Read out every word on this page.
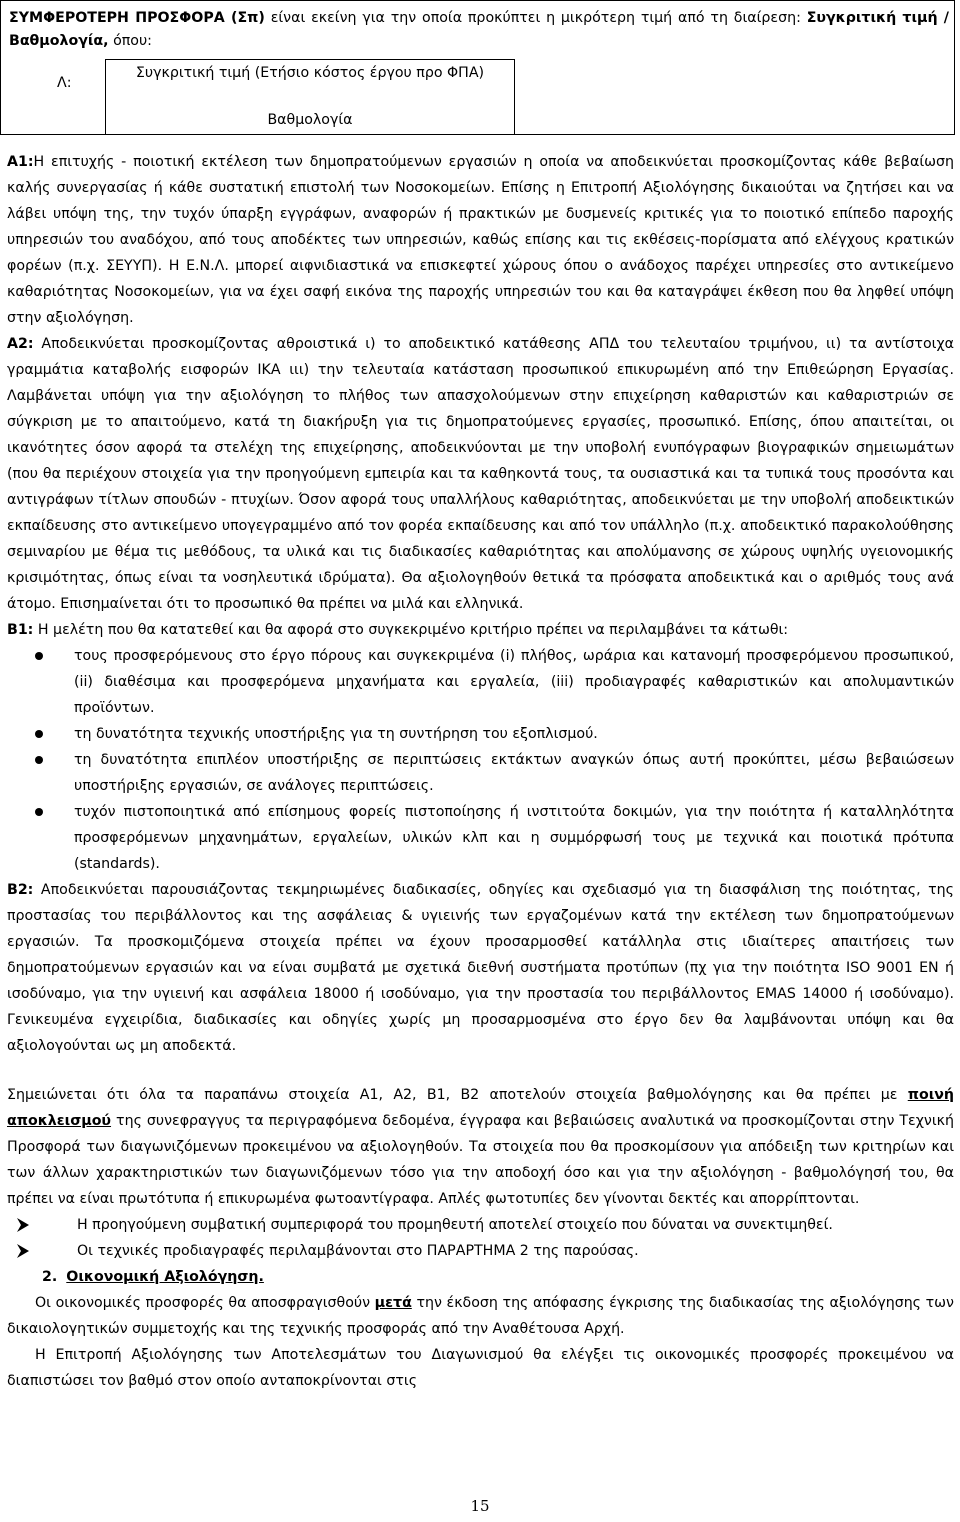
ΣΥΜΦΕΡΟΤΕΡΗ ΠΡΟΣΦΟΡΑ (Σπ) είναι εκείνη για την οποία προκύπτει η μικρότερη τιμή από τη διαίρεση: Συγκριτική τιμή / Βαθμολογία, όπου:
Λ:
Συγκριτική τιμή (Ετήσιο κόστος έργου προ ΦΠΑ)
Βαθμολογία

Α1:Η επιτυχής - ποιοτική εκτέλεση των δημοπρατούμενων εργασιών η οποία να αποδεικνύεται προσκομίζοντας κάθε βεβαίωση καλής συνεργασίας ή κάθε συστατική επιστολή των Νοσοκομείων. Επίσης η Επιτροπή Αξιολόγησης δικαιούται να ζητήσει και να λάβει υπόψη της, την τυχόν ύπαρξη εγγράφων, αναφορών ή πρακτικών με δυσμενείς κριτικές για το ποιοτικό επίπεδο παροχής υπηρεσιών του αναδόχου, από τους αποδέκτες των υπηρεσιών, καθώς επίσης και τις εκθέσεις-πορίσματα από ελέγχους κρατικών φορέων (π.χ. ΣΕΥΥΠ). Η Ε.Ν.Λ. μπορεί αιφνιδιαστικά να επισκεφτεί χώρους όπου ο ανάδοχος παρέχει υπηρεσίες στο αντικείμενο καθαριότητας Νοσοκομείων, για να έχει σαφή εικόνα της παροχής υπηρεσιών του και θα καταγράψει έκθεση που θα ληφθεί υπόψη στην αξιολόγηση.

Α2: Αποδεικνύεται προσκομίζοντας αθροιστικά ι) το αποδεικτικό κατάθεσης ΑΠΔ του τελευταίου τριμήνου, ιι) τα αντίστοιχα γραμμάτια καταβολής εισφορών ΙΚΑ ιιι) την τελευταία κατάσταση προσωπικού επικυρωμένη από την Επιθεώρηση Εργασίας. Λαμβάνεται υπόψη για την αξιολόγηση το πλήθος των απασχολούμενων στην επιχείρηση καθαριστών και καθαριστριών σε σύγκριση με το απαιτούμενο, κατά τη διακήρυξη για τις δημοπρατούμενες εργασίες, προσωπικό. Επίσης, όπου απαιτείται, οι ικανότητες όσον αφορά τα στελέχη της επιχείρησης, αποδεικνύονται με την υποβολή ενυπόγραφων βιογραφικών σημειωμάτων (που θα περιέχουν στοιχεία για την προηγούμενη εμπειρία και τα καθηκοντά τους, τα ουσιαστικά και τα τυπικά τους προσόντα και αντιγράφων τίτλων σπουδών - πτυχίων. Όσον αφορά τους υπαλλήλους καθαριότητας, αποδεικνύεται με την υποβολή αποδεικτικών εκπαίδευσης στο αντικείμενο υπογεγραμμένο από τον φορέα εκπαίδευσης και από τον υπάλληλο (π.χ. αποδεικτικό παρακολούθησης σεμιναρίου με θέμα τις μεθόδους, τα υλικά και τις διαδικασίες καθαριότητας και απολύμανσης σε χώρους υψηλής υγειονομικής κρισιμότητας, όπως είναι τα νοσηλευτικά ιδρύματα). Θα αξιολογηθούν θετικά τα πρόσφατα αποδεικτικά και ο αριθμός τους ανά άτομο. Επισημαίνεται ότι το προσωπικό θα πρέπει να μιλά και ελληνικά.

Β1: Η μελέτη που θα κατατεθεί και θα αφορά στο συγκεκριμένο κριτήριο πρέπει να περιλαμβάνει τα κάτωθι:

τους προσφερόμενους στο έργο πόρους και συγκεκριμένα (i) πλήθος, ωράρια και κατανομή προσφερόμενου προσωπικού, (ii) διαθέσιμα και προσφερόμενα μηχανήματα και εργαλεία, (iii) προδιαγραφές καθαριστικών και απολυμαντικών προϊόντων.
τη δυνατότητα τεχνικής υποστήριξης για τη συντήρηση του εξοπλισμού.
τη δυνατότητα επιπλέον υποστήριξης σε περιπτώσεις εκτάκτων αναγκών όπως αυτή προκύπτει, μέσω βεβαιώσεων υποστήριξης εργασιών, σε ανάλογες περιπτώσεις.
τυχόν πιστοποιητικά από επίσημους φορείς πιστοποίησης ή ινστιτούτα δοκιμών, για την ποιότητα ή καταλληλότητα προσφερόμενων μηχανημάτων, εργαλείων, υλικών κλπ και η συμμόρφωσή τους με τεχνικά και ποιοτικά πρότυπα (standards).

Β2: Αποδεικνύεται παρουσιάζοντας τεκμηριωμένες διαδικασίες, οδηγίες και σχεδιασμό για τη διασφάλιση της ποιότητας, της προστασίας του περιβάλλοντος και της ασφάλειας & υγιεινής των εργαζομένων κατά την εκτέλεση των δημοπρατούμενων εργασιών. Τα προσκομιζόμενα στοιχεία πρέπει να έχουν προσαρμοσθεί κατάλληλα στις ιδιαίτερες απαιτήσεις των δημοπρατούμενων εργασιών και να είναι συμβατά με σχετικά διεθνή συστήματα προτύπων (πχ για την ποιότητα ISO 9001 EN ή ισοδύναμο, για την υγιεινή και ασφάλεια 18000 ή ισοδύναμο, για την προστασία του περιβάλλοντος EMAS 14000 ή ισοδύναμο). Γενικευμένα εγχειρίδια, διαδικασίες και οδηγίες χωρίς μη προσαρμοσμένα στο έργο δεν θα λαμβάνονται υπόψη και θα αξιολογούνται ως μη αποδεκτά.

Σημειώνεται ότι όλα τα παραπάνω στοιχεία Α1, Α2, Β1, Β2 αποτελούν στοιχεία βαθμολόγησης και θα πρέπει με ποινή αποκλεισμού της συνεφραγγυς τα περιγραφόμενα δεδομένα, έγγραφα και βεβαιώσεις αναλυτικά να προσκομίζονται στην Τεχνική Προσφορά των διαγωνιζόμενων προκειμένου να αξιολογηθούν. Τα στοιχεία που θα προσκομίσουν για απόδειξη των κριτηρίων και των άλλων χαρακτηριστικών των διαγωνιζόμενων τόσο για την αποδοχή όσο και για την αξιολόγηση - βαθμολόγησή του, θα πρέπει να είναι πρωτότυπα ή επικυρωμένα φωτοαντίγραφα. Απλές φωτοτυπίες δεν γίνονται δεκτές και απορρίπτονται.

Η προηγούμενη συμβατική συμπεριφορά του προμηθευτή αποτελεί στοιχείο που δύναται να συνεκτιμηθεί.
Οι τεχνικές προδιαγραφές περιλαμβάνονται στο ΠΑΡΑΡΤΗΜΑ 2 της παρούσας.

2. Οικονομική Αξιολόγηση.

Οι οικονομικές προσφορές θα αποσφραγισθούν μετά την έκδοση της απόφασης έγκρισης της διαδικασίας της αξιολόγησης των δικαιολογητικών συμμετοχής και της τεχνικής προσφοράς από την Αναθέτουσα Αρχή.

Η Επιτροπή Αξιολόγησης των Αποτελεσμάτων του Διαγωνισμού θα ελέγξει τις οικονομικές προσφορές προκειμένου να διαπιστώσει τον βαθμό στον οποίο ανταποκρίνονται στις

15
